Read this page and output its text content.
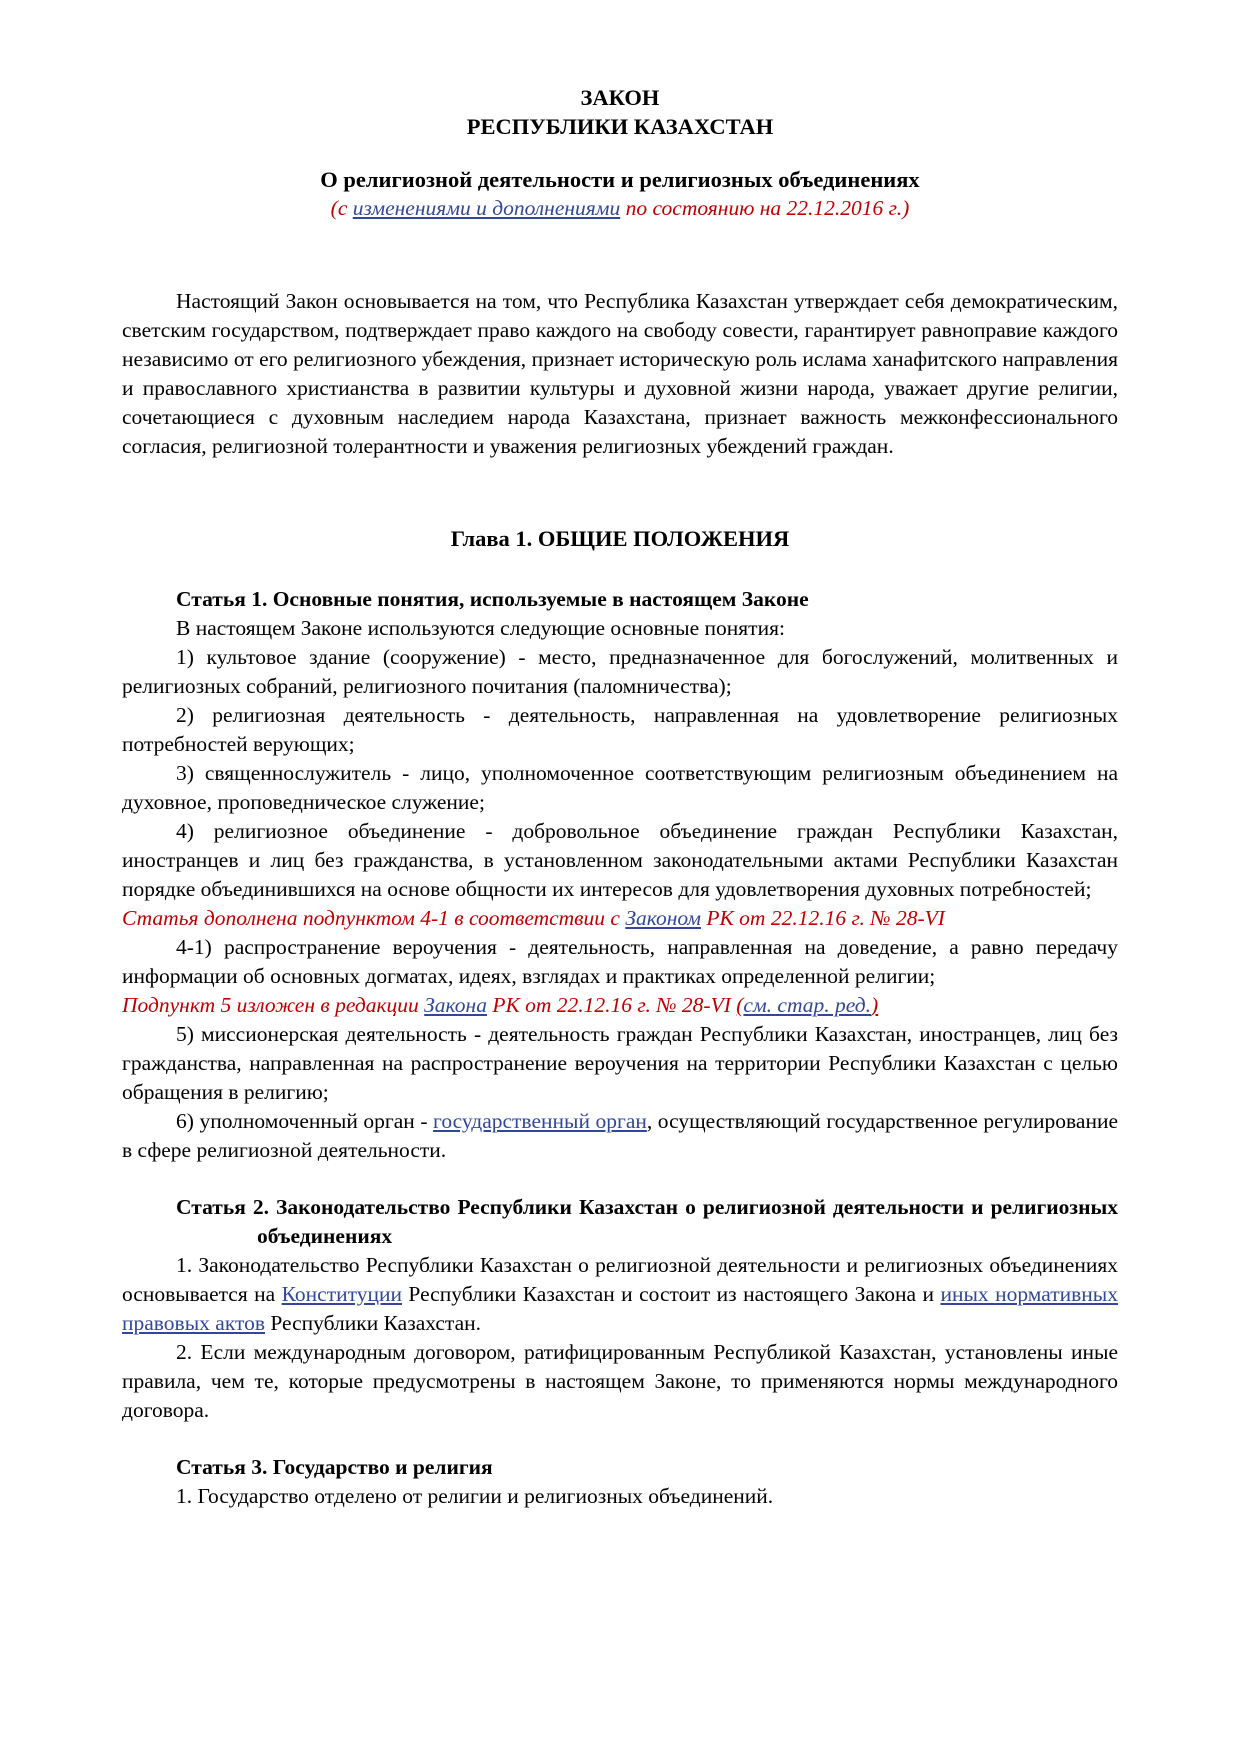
ЗАКОН
РЕСПУБЛИКИ КАЗАХСТАН
О религиозной деятельности и религиозных объединениях
(с изменениями и дополнениями по состоянию на 22.12.2016 г.)
Настоящий Закон основывается на том, что Республика Казахстан утверждает себя демократическим, светским государством, подтверждает право каждого на свободу совести, гарантирует равноправие каждого независимо от его религиозного убеждения, признает историческую роль ислама ханафитского направления и православного христианства в развитии культуры и духовной жизни народа, уважает другие религии, сочетающиеся с духовным наследием народа Казахстана, признает важность межконфессионального согласия, религиозной толерантности и уважения религиозных убеждений граждан.
Глава 1. ОБЩИЕ ПОЛОЖЕНИЯ
Статья 1. Основные понятия, используемые в настоящем Законе
В настоящем Законе используются следующие основные понятия:
1) культовое здание (сооружение) - место, предназначенное для богослужений, молитвенных и религиозных собраний, религиозного почитания (паломничества);
2) религиозная деятельность - деятельность, направленная на удовлетворение религиозных потребностей верующих;
3) священнослужитель - лицо, уполномоченное соответствующим религиозным объединением на духовное, проповедническое служение;
4) религиозное объединение - добровольное объединение граждан Республики Казахстан, иностранцев и лиц без гражданства, в установленном законодательными актами Республики Казахстан порядке объединившихся на основе общности их интересов для удовлетворения духовных потребностей;
Статья дополнена подпунктом 4-1 в соответствии с Законом РК от 22.12.16 г. № 28-VI
4-1) распространение вероучения - деятельность, направленная на доведение, а равно передачу информации об основных догматах, идеях, взглядах и практиках определенной религии;
Подпункт 5 изложен в редакции Закона РК от 22.12.16 г. № 28-VI (см. стар. ред.)
5) миссионерская деятельность - деятельность граждан Республики Казахстан, иностранцев, лиц без гражданства, направленная на распространение вероучения на территории Республики Казахстан с целью обращения в религию;
6) уполномоченный орган - государственный орган, осуществляющий государственное регулирование в сфере религиозной деятельности.
Статья 2. Законодательство Республики Казахстан о религиозной деятельности и религиозных объединениях
1. Законодательство Республики Казахстан о религиозной деятельности и религиозных объединениях основывается на Конституции Республики Казахстан и состоит из настоящего Закона и иных нормативных правовых актов Республики Казахстан.
2. Если международным договором, ратифицированным Республикой Казахстан, установлены иные правила, чем те, которые предусмотрены в настоящем Законе, то применяются нормы международного договора.
Статья 3. Государство и религия
1. Государство отделено от религии и религиозных объединений.
